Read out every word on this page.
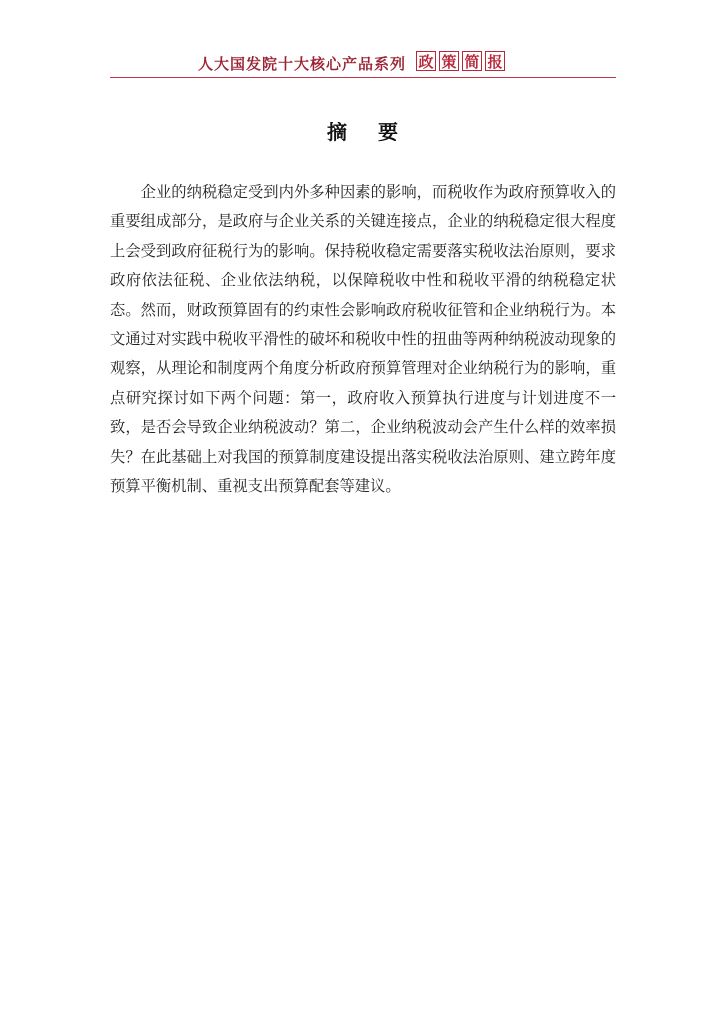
人大国发院十大核心产品系列 政 策 简 报
摘 要

企业的纳税稳定受到内外多种因素的影响，而税收作为政府预算收入的重要组成部分，是政府与企业关系的关键连接点，企业的纳税稳定很大程度上会受到政府征税行为的影响。保持税收稳定需要落实税收法治原则，要求政府依法征税、企业依法纳税，以保障税收中性和税收平滑的纳税稳定状态。然而，财政预算固有的约束性会影响政府税收征管和企业纳税行为。本文通过对实践中税收平滑性的破坏和税收中性的扭曲等两种纳税波动现象的观察，从理论和制度两个角度分析政府预算管理对企业纳税行为的影响，重点研究探讨如下两个问题：第一，政府收入预算执行进度与计划进度不一致，是否会导致企业纳税波动？第二，企业纳税波动会产生什么样的效率损失？在此基础上对我国的预算制度建设提出落实税收法治原则、建立跨年度预算平衡机制、重视支出预算配套等建议。
